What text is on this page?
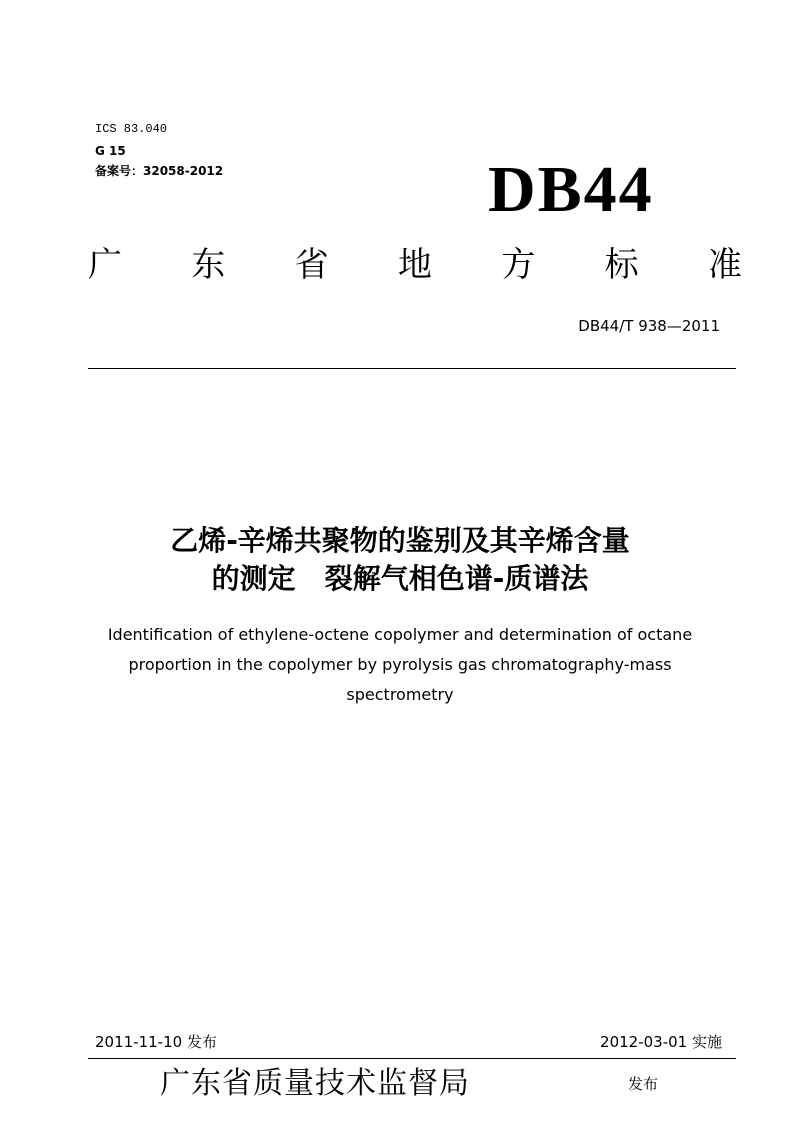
ICS 83.040
G 15
备案号：32058-2012	DB44
广 东 省 地 方 标 准
DB44/T 938—2011
乙烯-辛烯共聚物的鉴别及其辛烯含量
的测定   裂解气相色谱-质谱法
Identification of ethylene-octene copolymer and determination of octane
proportion in the copolymer by pyrolysis gas chromatography-mass
spectrometry
2011-11-10 发布	2012-03-01 实施
广东省质量技术监督局	发布
